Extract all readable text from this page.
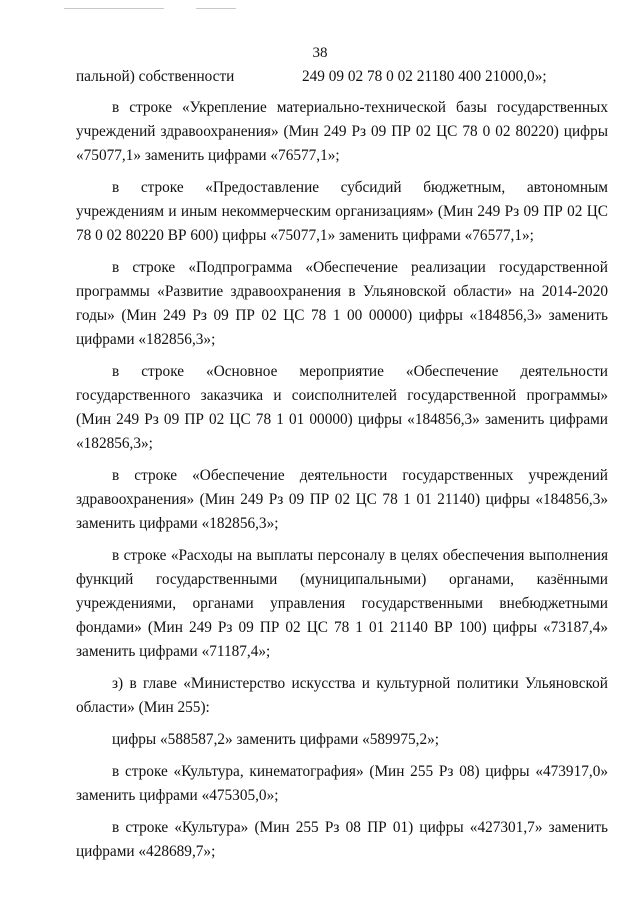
38
пальной) собственности	249 09 02 78 0 02 21180 400 21000,0»;

в строке «Укрепление материально-технической базы государственных учреждений здравоохранения» (Мин 249 Рз 09 ПР 02 ЦС 78 0 02 80220) цифры «75077,1» заменить цифрами «76577,1»;

в строке «Предоставление субсидий бюджетным, автономным учреждениям и иным некоммерческим организациям» (Мин 249 Рз 09 ПР 02 ЦС 78 0 02 80220 ВР 600) цифры «75077,1» заменить цифрами «76577,1»;

в строке «Подпрограмма «Обеспечение реализации государственной программы «Развитие здравоохранения в Ульяновской области» на 2014-2020 годы» (Мин 249 Рз 09 ПР 02 ЦС 78 1 00 00000) цифры «184856,3» заменить цифрами «182856,3»;

в строке «Основное мероприятие «Обеспечение деятельности государственного заказчика и соисполнителей государственной программы» (Мин 249 Рз 09 ПР 02 ЦС 78 1 01 00000) цифры «184856,3» заменить цифрами «182856,3»;

в строке «Обеспечение деятельности государственных учреждений здравоохранения» (Мин 249 Рз 09 ПР 02 ЦС 78 1 01 21140) цифры «184856,3» заменить цифрами «182856,3»;

в строке «Расходы на выплаты персоналу в целях обеспечения выполнения функций государственными (муниципальными) органами, казёнными учреждениями, органами управления государственными внебюджетными фондами» (Мин 249 Рз 09 ПР 02 ЦС 78 1 01 21140 ВР 100) цифры «73187,4» заменить цифрами «71187,4»;

з) в главе «Министерство искусства и культурной политики Ульяновской области» (Мин 255):

цифры «588587,2» заменить цифрами «589975,2»;

в строке «Культура, кинематография» (Мин 255 Рз 08) цифры «473917,0» заменить цифрами «475305,0»;

в строке «Культура» (Мин 255 Рз 08 ПР 01) цифры «427301,7» заменить цифрами «428689,7»;
